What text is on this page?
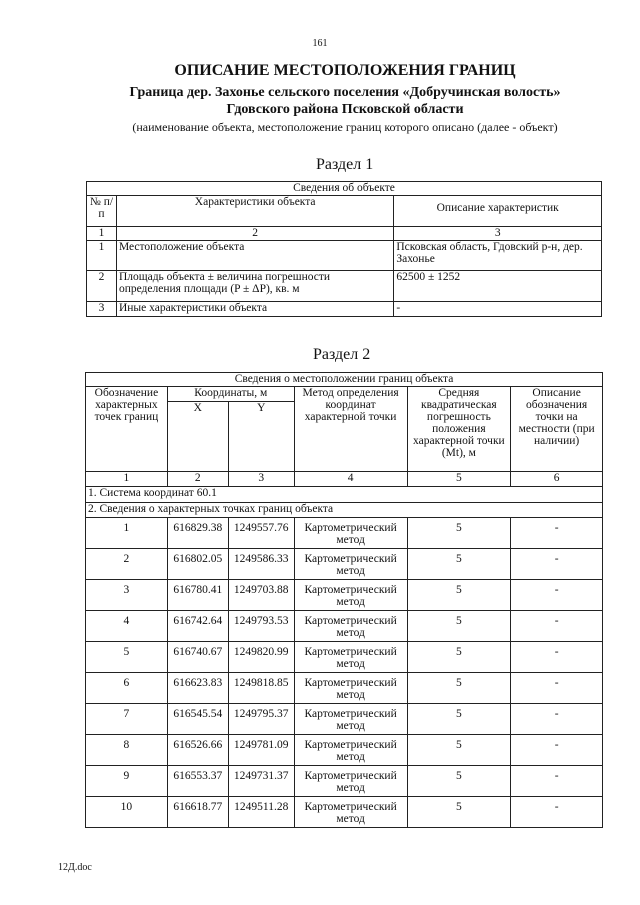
161
ОПИСАНИЕ МЕСТОПОЛОЖЕНИЯ ГРАНИЦ
Граница дер. Захонье сельского поселения «Добручинская волость»
Гдовского района Псковской области
(наименование объекта, местоположение границ которого описано (далее - объект)
Раздел 1
Сведения об объекте		
№ п/п	Характеристики объекта	Описание характеристик
1	2	3
1	Местоположение объекта	Псковская область, Гдовский р-н, дер. Захонье
2	Площадь объекта ± величина погрешности определения площади (P ± ΔP), кв. м	62500 ± 1252
3	Иные характеристики объекта	-
Раздел 2
Сведения о местоположении границ объекта					
Обозначение характерных точек границ	Координаты, м		Метод определения координат характерной точки	Средняя квадратическая погрешность положения характерной точки (Mt), м	Описание обозначения точки на местности (при наличии)
	X	Y			
1	2	3	4	5	6
1. Система координат 60.1					
2. Сведения о характерных точках границ объекта					
1	616829.38	1249557.76	Картометрический метод	5	-
2	616802.05	1249586.33	Картометрический метод	5	-
3	616780.41	1249703.88	Картометрический метод	5	-
4	616742.64	1249793.53	Картометрический метод	5	-
5	616740.67	1249820.99	Картометрический метод	5	-
6	616623.83	1249818.85	Картометрический метод	5	-
7	616545.54	1249795.37	Картометрический метод	5	-
8	616526.66	1249781.09	Картометрический метод	5	-
9	616553.37	1249731.37	Картометрический метод	5	-
10	616618.77	1249511.28	Картометрический метод	5	-
12Д.doc
